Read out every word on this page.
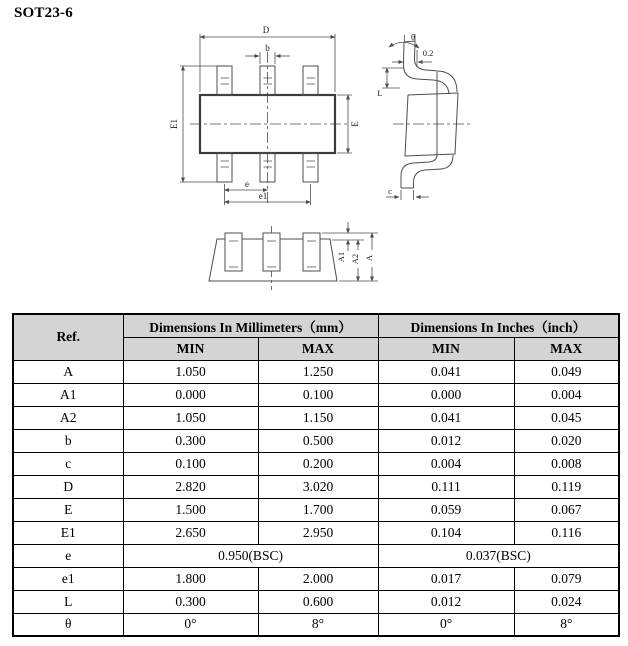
SOT23-6
D
b
E1	E
e
e1
θ
0.2
L
c
A1 A2 A
Ref.	Dimensions In Millimeters（mm）		Dimensions In Inches（inch）	
	MIN	MAX	MIN	MAX
A	1.050	1.250	0.041	0.049
A1	0.000	0.100	0.000	0.004
A2	1.050	1.150	0.041	0.045
b	0.300	0.500	0.012	0.020
c	0.100	0.200	0.004	0.008
D	2.820	3.020	0.111	0.119
E	1.500	1.700	0.059	0.067
E1	2.650	2.950	0.104	0.116
e	0.950(BSC)		0.037(BSC)	
e1	1.800	2.000	0.017	0.079
L	0.300	0.600	0.012	0.024
θ	0°	8°	0°	8°
